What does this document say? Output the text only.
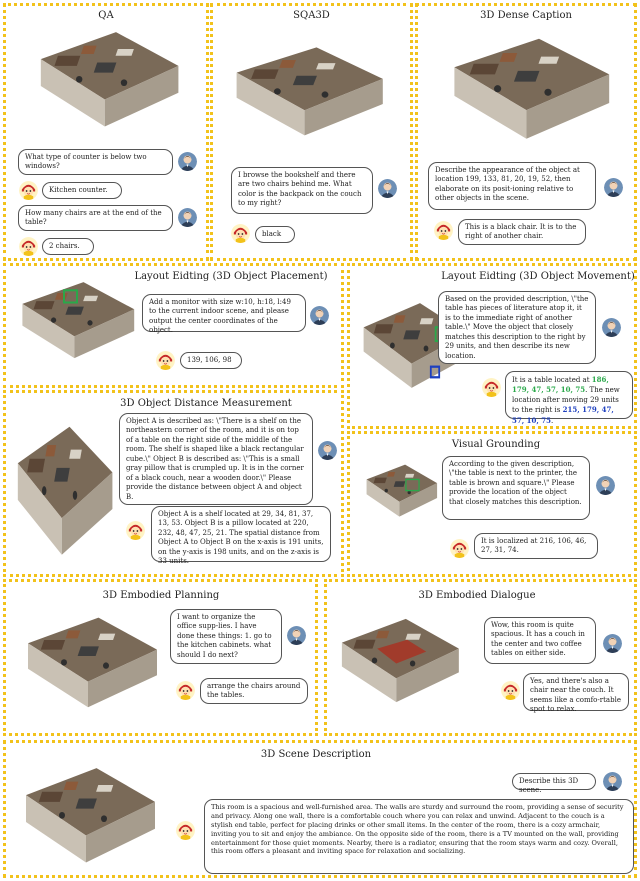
QA
What type of counter is below two windows?
Kitchen counter.
How many chairs are at the end of the table?
2 chairs.
SQA3D
I browse the bookshelf and there are two chairs behind me. What color is the backpack on the couch to my right?
black
3D Dense Caption
Describe the appearance of the object at location 199, 133, 81, 20, 19, 52, then elaborate on its posit-ioning relative to other objects in the scene.
This is a black chair. It is to the right of another chair.
Layout Eidting (3D Object Placement)
Add a monitor with size w:10, h:18, l:49 to the current indoor scene, and please output the center coordinates of the object.
139, 106, 98
Layout Eidting (3D Object Movement)
Based on the provided description, \"the table has pieces of literature atop it, it is to the immediate right of another table.\" Move the object that closely matches this description to the right by 29 units, and then describe its new location.
It is a table located at 186, 179, 47, 57, 10, 75. The new location after moving 29 units to the right is 215, 179, 47, 57, 10, 75.
3D Object Distance Measurement
Object A is described as: \"There is a shelf on the northeastern corner of the room, and it is on top of a table on the right side of the middle of the room. The shelf is shaped like a black rectangular cube.\" Object B is described as: \"This is a small gray pillow that is crumpled up. It is in the corner of a black couch, near a wooden door.\" Please provide the distance between object A and object B.
Object A is a shelf located at 29, 34, 81, 37, 13, 53. Object B is a pillow located at 220, 232, 48, 47, 25, 21. The spatial distance from Object A to Object B on the x-axis is 191 units, on the y-axis is 198 units, and on the z-axis is 33 units.
Visual Grounding
According to the given description, \"the table is next to the printer, the table is brown and square.\" Please provide the location of the object that closely matches this description.
It is localized at 216, 106, 46, 27, 31, 74.
3D Embodied Planning
I want to organize the office supp-lies. I have done these things: 1. go to the kitchen cabinets. what should I do next?
arrange the chairs around the tables.
3D Embodied Dialogue
Wow, this room is quite spacious. It has a couch in the center and two coffee tables on either side.
Yes, and there's also a chair near the couch. It seems like a comfo-rtable spot to relax.
3D Scene Description
Describe this 3D scene.
This room is a spacious and well-furnished area. The walls are sturdy and surround the room, providing a sense of security and privacy. Along one wall, there is a comfortable couch where you can relax and unwind. Adjacent to the couch is a stylish end table, perfect for placing drinks or other small items. In the center of the room, there is a cozy armchair, inviting you to sit and enjoy the ambiance. On the opposite side of the room, there is a TV mounted on the wall, providing entertainment for those quiet moments. Nearby, there is a radiator, ensuring that the room stays warm and cozy. Overall, this room offers a pleasant and inviting space for relaxation and socializing.
